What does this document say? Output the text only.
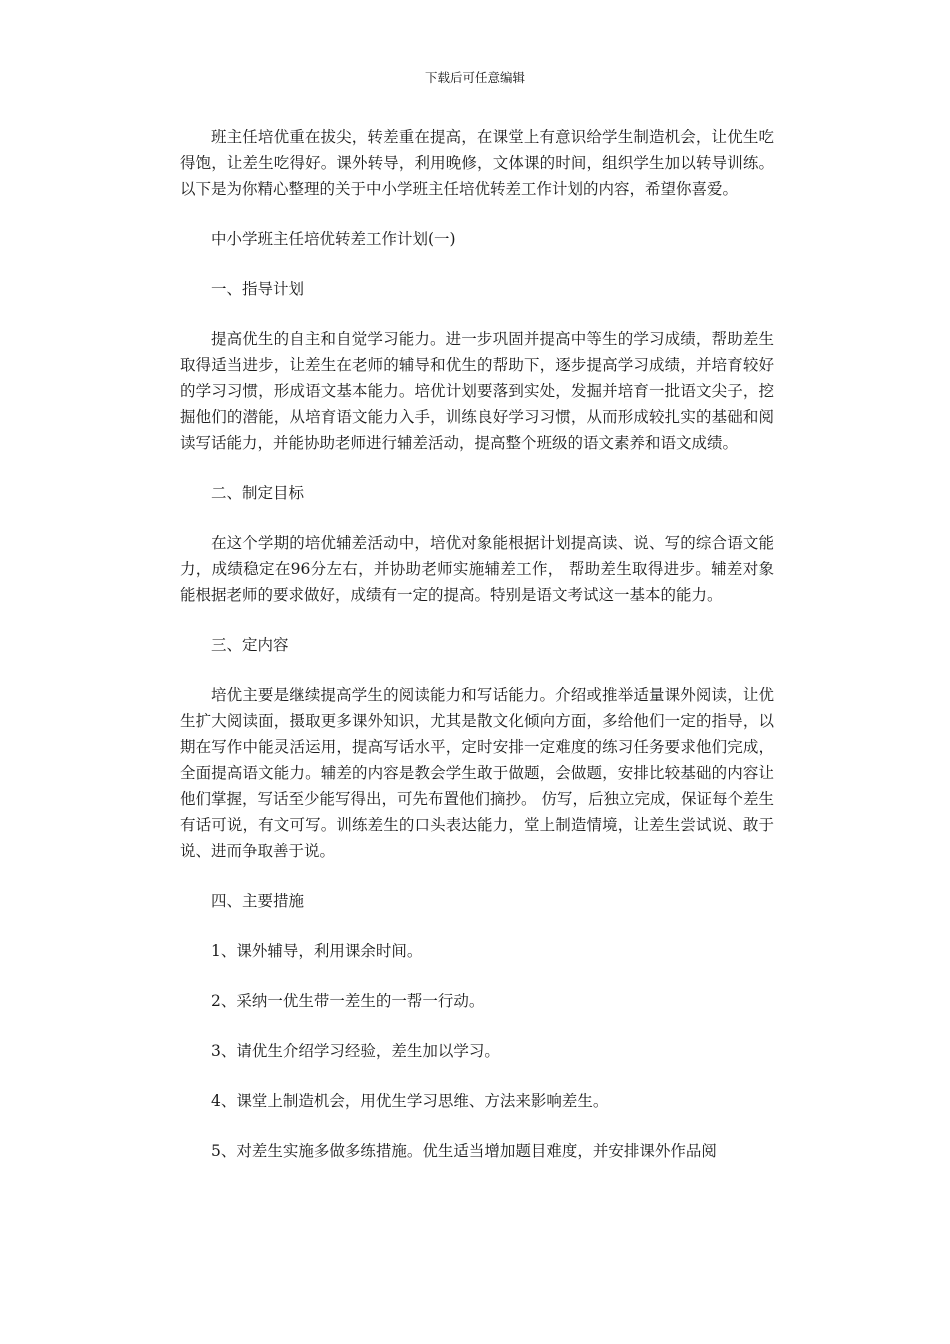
下载后可任意编辑

班主任培优重在拔尖，转差重在提高，在课堂上有意识给学生制造机会，让优生吃得饱，让差生吃得好。课外转导，利用晚修，文体课的时间，组织学生加以转导训练。以下是为你精心整理的关于中小学班主任培优转差工作计划的内容，希望你喜爱。

中小学班主任培优转差工作计划(一)

一、指导计划

提高优生的自主和自觉学习能力。进一步巩固并提高中等生的学习成绩，帮助差生取得适当进步，让差生在老师的辅导和优生的帮助下，逐步提高学习成绩，并培育较好的学习习惯，形成语文基本能力。培优计划要落到实处，发掘并培育一批语文尖子，挖掘他们的潜能，从培育语文能力入手，训练良好学习习惯，从而形成较扎实的基础和阅读写话能力，并能协助老师进行辅差活动，提高整个班级的语文素养和语文成绩。

二、制定目标

在这个学期的培优辅差活动中，培优对象能根据计划提高读、说、写的综合语文能力，成绩稳定在96分左右，并协助老师实施辅差工作， 帮助差生取得进步。辅差对象能根据老师的要求做好，成绩有一定的提高。特别是语文考试这一基本的能力。

三、定内容

培优主要是继续提高学生的阅读能力和写话能力。介绍或推举适量课外阅读，让优生扩大阅读面，摄取更多课外知识，尤其是散文化倾向方面，多给他们一定的指导，以期在写作中能灵活运用，提高写话水平，定时安排一定难度的练习任务要求他们完成，全面提高语文能力。辅差的内容是教会学生敢于做题，会做题，安排比较基础的内容让他们掌握，写话至少能写得出，可先布置他们摘抄。 仿写，后独立完成，保证每个差生有话可说，有文可写。训练差生的口头表达能力，堂上制造情境，让差生尝试说、敢于说、进而争取善于说。

四、主要措施

1、课外辅导，利用课余时间。

2、采纳一优生带一差生的一帮一行动。

3、请优生介绍学习经验，差生加以学习。

4、课堂上制造机会，用优生学习思维、方法来影响差生。

5、对差生实施多做多练措施。优生适当增加题目难度，并安排课外作品阅
